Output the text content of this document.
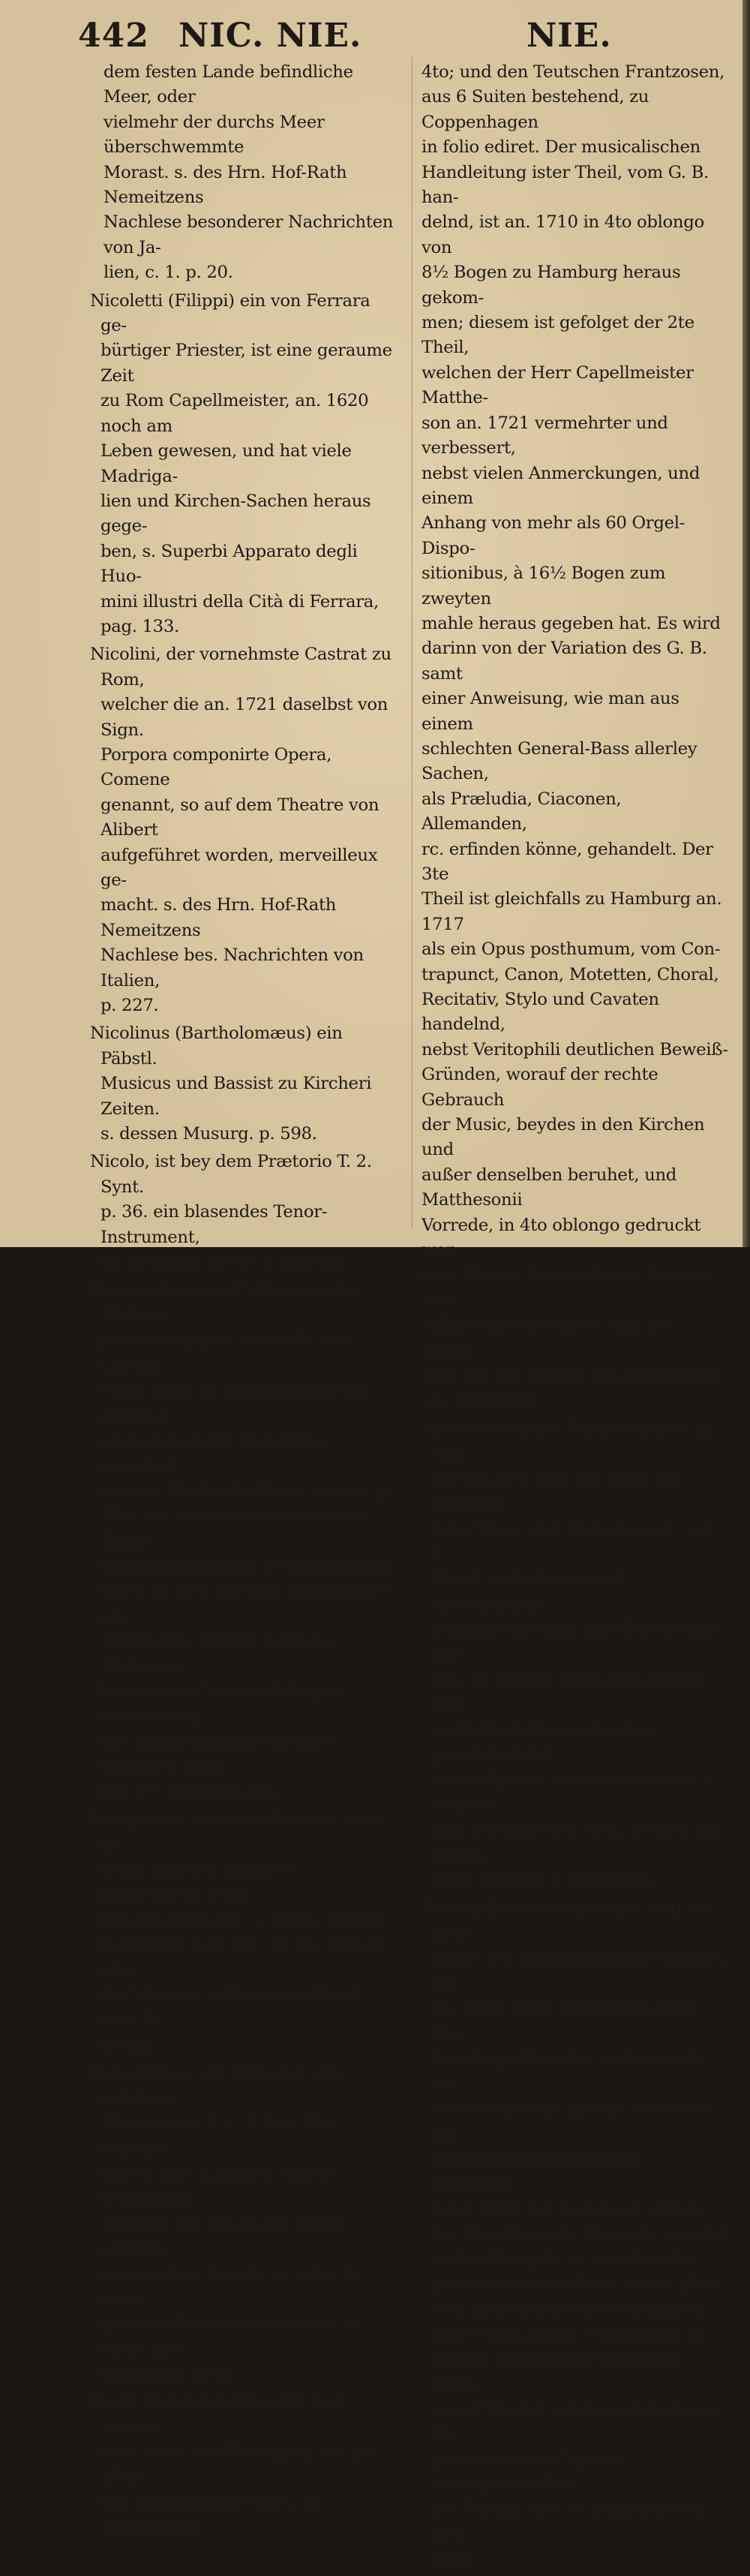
442 NIC. NIE.	NIE.
dem festen Lande befindliche Meer, oder
vielmehr der durchs Meer überschwemmte
Morast. s. des Hrn. Hof-Rath Nemeitzens
Nachlese besonderer Nachrichten von Ja-
lien, c. 1. p. 20.
Nicoletti (Filippi) ein von Ferrara ge-
bürtiger Priester, ist eine geraume Zeit
zu Rom Capellmeister, an. 1620 noch am
Leben gewesen, und hat viele Madriga-
lien und Kirchen-Sachen heraus gege-
ben, s. Superbi Apparato degli Huo-
mini illustri della Cità di Ferrara,
pag. 133.
Nicolini, der vornehmste Castrat zu Rom,
welcher die an. 1721 daselbst von Sign.
Porpora componirte Opera, Comene
genannt, so auf dem Theatre von Alibert
aufgeführet worden, merveilleux ge-
macht. s. des Hrn. Hof-Rath Nemeitzens
Nachlese bes. Nachrichten von Italien,
p. 227.
Nicolinus (Bartholomæus) ein Päbstl.
Musicus und Bassist zu Kircheri Zeiten.
s. dessen Musurg. p. 598.
Nicolo, ist bey dem Prætorio T. 2. Synt.
p. 36. ein blasendes Tenor-Instrument,
nicht tieffer als ins c gehend.
Nicomachus, ein Pythagorischer Philoso-
phus ums Jahr Christi 60, von Gerasa,
einer Stadt in Arabien gebürtig, daher er
auch insgemein Gerasenus genennet
wird. s. Hederichs Notit. Auctor. p.
449. hat unter andern auch ein Enchi-
ridion Harmonices in Griechischer
Sprache geschrieben. Es bestehet aus
2 Büchern, welche samt des Meibomii
lateinischer Version 5 Bogen ausmachen;
die Anmerckungen darüber betragen auch
fast 2½ Bogen in 4to.
Nicopheles, hat die Athenam, eine ge-
wisse und der Minerva gewiedmete Pfeif-
fen-Art erfunden. s. Raph. Volater.
Comment. Urb. lib. 35. Es heisset aber
die Minerva selbst auch Αθηνᾶ oder A-
thena.
Nicostratus, ein Citharist, von welchem
Ælianus lib. 4. c. 2. Var. Hist. erzehlet,
daß er zum Laodoco, einem Citharœdo,
welcher mit ihm in der Kunst certiret,
gesprochen: Laodocus wäre in einer
grossen Kunst klein; er aber in einer klei-
nen Kunst groß.
Niedt (Friedrich Erhardt) dem Verneh-
men nach, ein Thüringer, hat an. 1708
das Musicalische A B C zu Hamburg in
4to; und den Teutschen Frantzosen,
aus 6 Suiten bestehend, zu Coppenhagen
in folio ediret. Der musicalischen
Handleitung ister Theil, vom G. B. han-
delnd, ist an. 1710 in 4to oblongo von
8½ Bogen zu Hamburg heraus gekom-
men; diesem ist gefolget der 2te Theil,
welchen der Herr Capellmeister Matthe-
son an. 1721 vermehrter und verbessert,
nebst vielen Anmerckungen, und einem
Anhang von mehr als 60 Orgel-Dispo-
sitionibus, à 16½ Bogen zum zweyten
mahle heraus gegeben hat. Es wird
darinn von der Variation des G. B. samt
einer Anweisung, wie man aus einem
schlechten General-Bass allerley Sachen,
als Præludia, Ciaconen, Allemanden,
rc. erfinden könne, gehandelt. Der 3te
Theil ist gleichfalls zu Hamburg an. 1717
als ein Opus posthumum, vom Con-
trapunct, Canon, Motetten, Choral,
Recitativ, Stylo und Cavaten handelnd,
nebst Veritophili deutlichen Beweiß-
Gründen, worauf der rechte Gebrauch
der Music, beydes in den Kirchen und
außer denselben beruhet, und Matthesonii
Vorrede, in 4to oblongo gedruckt wor-
den. Dieser 3te und letzte Theil an sich
selbst bestehet aus 9, und des Verito-
phili [so ein Nomen fictum] Tractat
aus 10 Bogen.
Niedt (Nicolaus) Stadt-Organist zu Son-
dershausen, gab an. 1698 die musicali-
sche Sonn- und Festags-Lust, von 5
Vocal- und eben so viel Instrumental-
Stimmen gesetzt, daselbst in folio her-
aus. In solcher ist durchs gantze Jahr
erstlich ein Concert-weise gesetzter bibli-
scher Spruch, so dann eine mit 2 Canten
und Baß gesetzte Aria, welche mit einem
Chor schlüsset, befindlich.
Nierop (Dyrck Rembrantz van) ein Lieb-
haber der mathematischen Künste, hat
an. 1659 unter folgendem Titul: Wis-
Konstinge Musyka, vertoonende de
oorsaecke van't geluyt, de redens der
zanghtoonen telkonstigh uytgereec-
kent, ende het maken en stellen
der Speeltuygen. Als mede van der
ouden Musijck, en verscheyden
gevoelens der selfder: zynde alles
seer gedienstigh en vermakelick
voor Musikanten, Organisten, of
andere Instrument-Speelders, einen
aus 4 Theilen, und zusammen aus 36
gantz kurtzen Capiteln bestehenden Mu-
sic-Tractat von 5½ Bogen in 8vo dru-
cken
